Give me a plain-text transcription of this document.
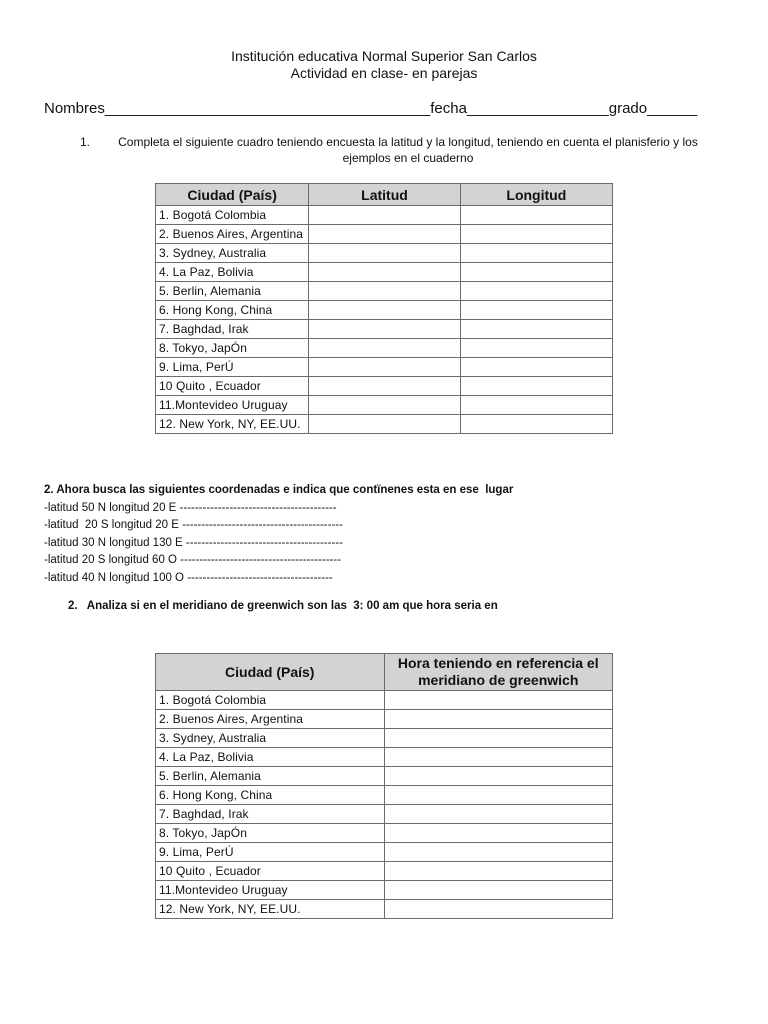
Institución educativa Normal Superior San Carlos
Actividad en clase- en parejas
Nombres_______________________________________fecha_________________grado______
1.	Completa el siguiente cuadro teniendo encuesta la latitud y la longitud, teniendo en cuenta el planisferio y los ejemplos en el cuaderno
Ciudad (País)	Latitud	Longitud
1. Bogotá Colombia		
2. Buenos Aires, Argentina		
3. Sydney, Australia		
4. La Paz, Bolivia		
5. Berlin, Alemania		
6. Hong Kong, China		
7. Baghdad, Irak		
8. Tokyo, JapÓn		
9. Lima, PerÚ		
10 Quito , Ecuador		
11.Montevideo Uruguay		
12. New York, NY, EE.UU.		
2. Ahora busca las siguientes coordenadas e indica que contïnenes esta en ese  lugar
-latitud 50 N longitud 20 E -----------------------------------------
-latitud  20 S longitud 20 E ------------------------------------------
-latitud 30 N longitud 130 E -----------------------------------------
-latitud 20 S longitud 60 O ------------------------------------------
-latitud 40 N longitud 100 O --------------------------------------
2. Analiza si en el meridiano de greenwich son las  3: 00 am que hora seria en
Ciudad (País)	Hora teniendo en referencia el meridiano de greenwich
1. Bogotá Colombia	
2. Buenos Aires, Argentina	
3. Sydney, Australia	
4. La Paz, Bolivia	
5. Berlin, Alemania	
6. Hong Kong, China	
7. Baghdad, Irak	
8. Tokyo, JapÓn	
9. Lima, PerÚ	
10 Quito , Ecuador	
11.Montevideo Uruguay	
12. New York, NY, EE.UU.	
